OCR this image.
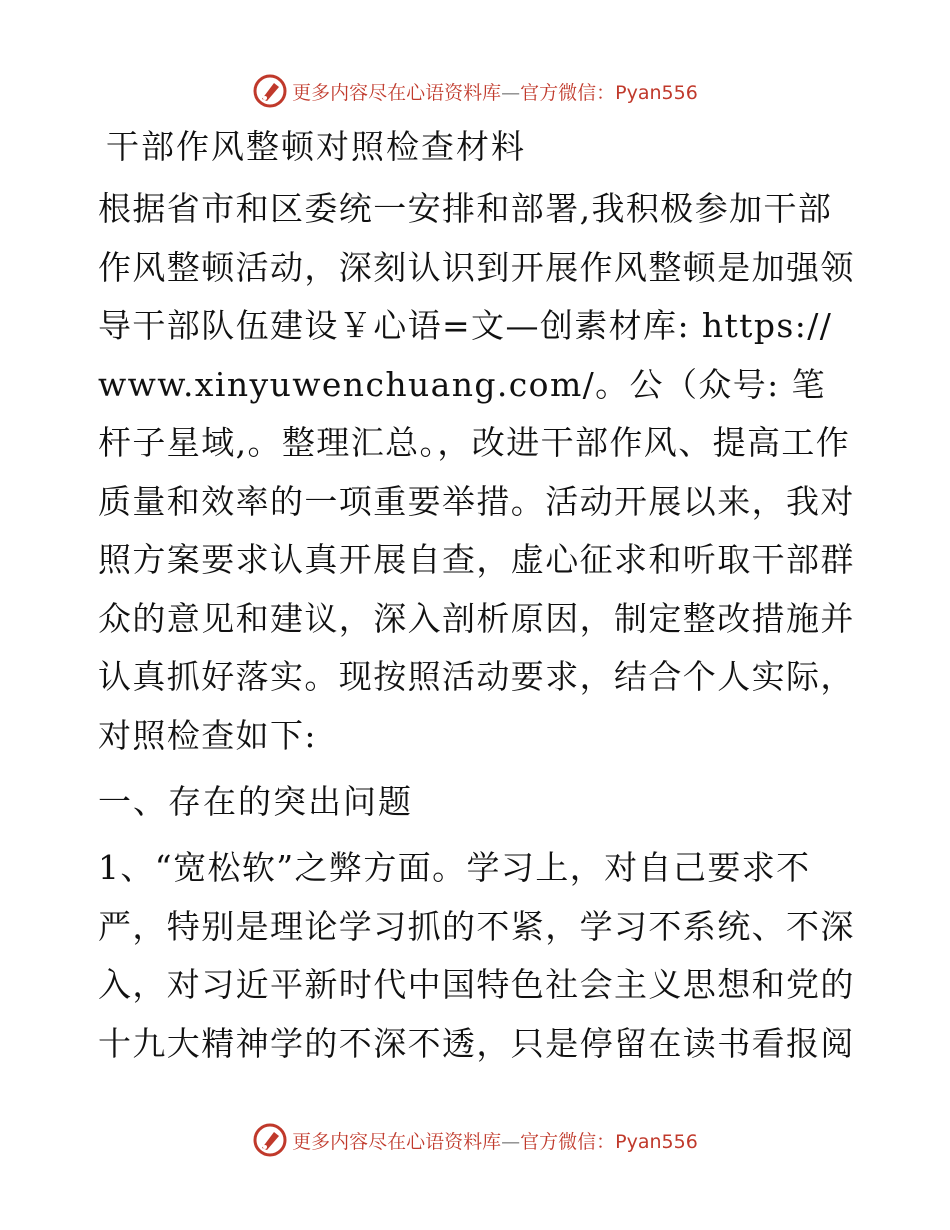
更多内容尽在心语资料库—官方微信：Pyan556
干部作风整顿对照检查材料

根据省市和区委统一安排和部署,我积极参加干部作风整顿活动，深刻认识到开展作风整顿是加强领导干部队伍建设￥心语=文—创素材库: https://www.xinyuwenchuang.com/。公（众号: 笔杆子星域,。整理汇总。，改进干部作风、提高工作质量和效率的一项重要举措。活动开展以来，我对照方案要求认真开展自查，虚心征求和听取干部群众的意见和建议，深入剖析原因，制定整改措施并认真抓好落实。现按照活动要求，结合个人实际，对照检查如下:

一、存在的突出问题

1、“宽松软”之弊方面。学习上，对自己要求不严，特别是理论学习抓的不紧，学习不系统、不深入，对习近平新时代中国特色社会主义思想和党的十九大精神学的不深不透，只是停留在读书看报阅

更多内容尽在心语资料库—官方微信：Pyan556
